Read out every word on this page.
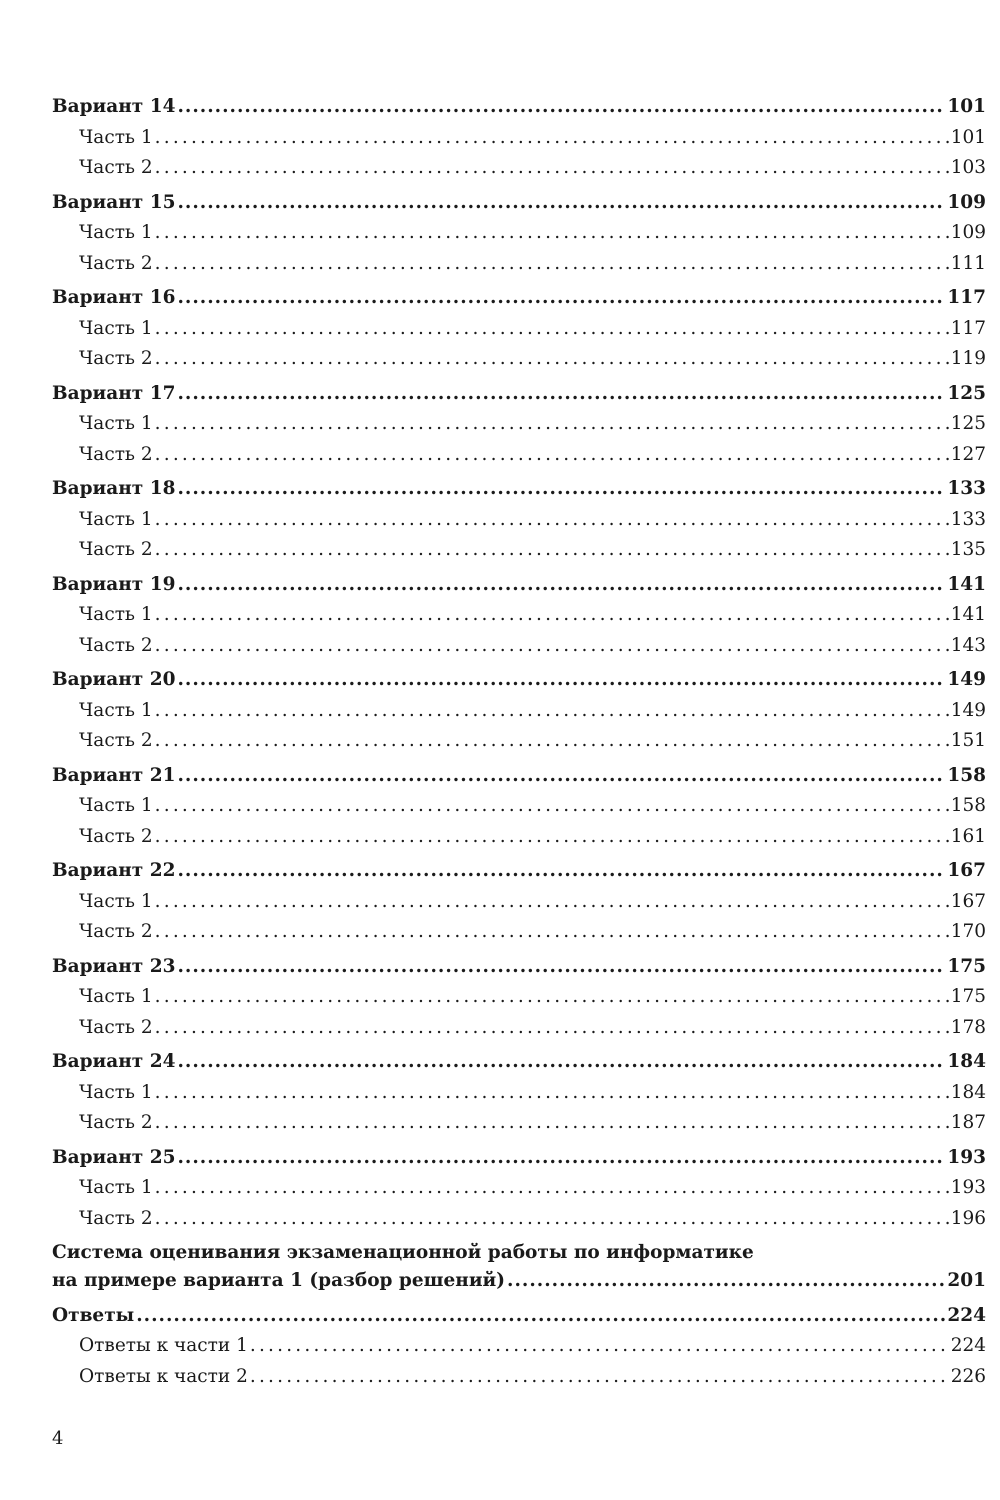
Вариант 14 .....	101
Часть 1 .....	101
Часть 2 .....	103
Вариант 15 .....	109
Часть 1 .....	109
Часть 2 .....	111
Вариант 16 .....	117
Часть 1 .....	117
Часть 2 .....	119
Вариант 17 .....	125
Часть 1 .....	125
Часть 2 .....	127
Вариант 18 .....	133
Часть 1 .....	133
Часть 2 .....	135
Вариант 19 .....	141
Часть 1 .....	141
Часть 2 .....	143
Вариант 20 .....	149
Часть 1 .....	149
Часть 2 .....	151
Вариант 21 .....	158
Часть 1 .....	158
Часть 2 .....	161
Вариант 22 .....	167
Часть 1 .....	167
Часть 2 .....	170
Вариант 23 .....	175
Часть 1 .....	175
Часть 2 .....	178
Вариант 24 .....	184
Часть 1 .....	184
Часть 2 .....	187
Вариант 25 .....	193
Часть 1 .....	193
Часть 2 .....	196
Система оценивания экзаменационной работы по информатике
на примере варианта 1 (разбор решений) .....	201
Ответы .....	224
Ответы к части 1 .....	224
Ответы к части 2 .....	226
4
